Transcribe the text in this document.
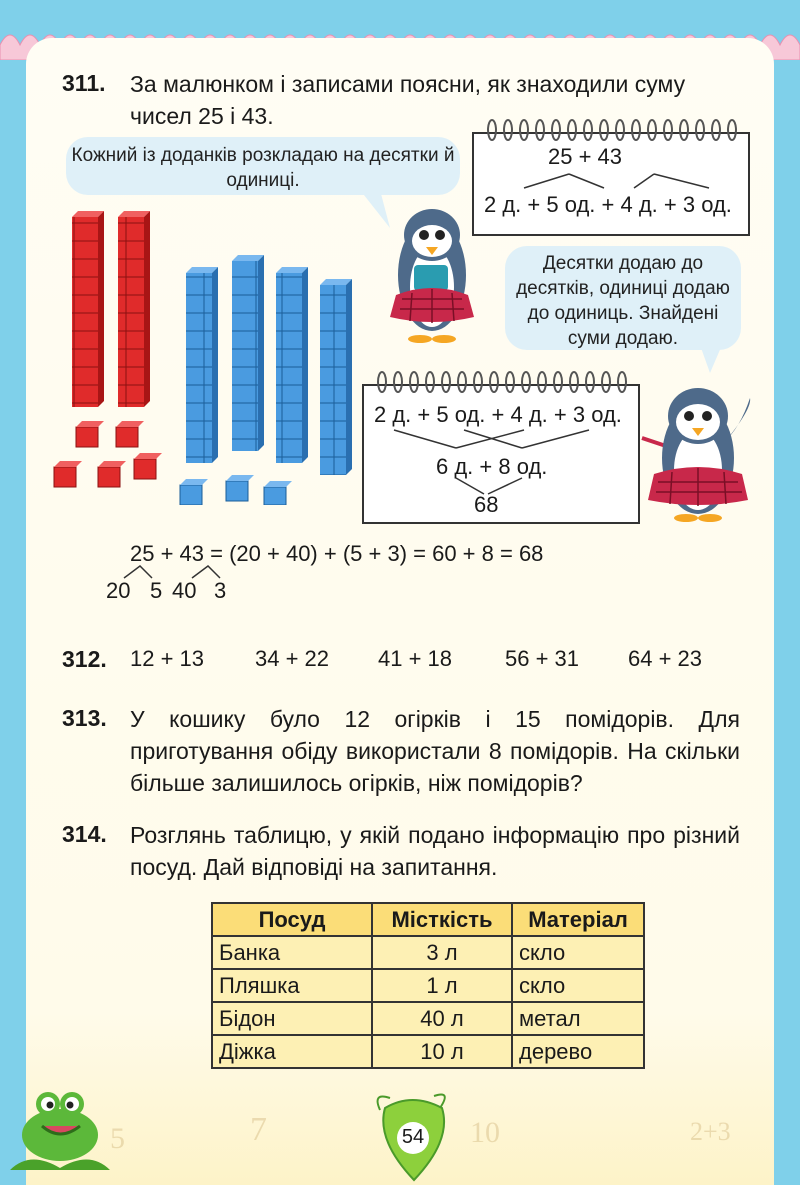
311. За малюнком і записами поясни, як знаходили суму чисел 25 і 43.
Кожний із доданків розкладаю на десятки й одиниці.
25 + 43
2 д. + 5 од. + 4 д. + 3 од.
Десятки додаю до десятків, одиниці додаю до одиниць. Знайдені суми додаю.
2 д. + 5 од. + 4 д. + 3 од.
6 д. + 8 од.
68
25 + 43 = (20 + 40) + (5 + 3) = 60 + 8 = 68
20 5 40 3
312. 12 + 13 34 + 22 41 + 18 56 + 31 64 + 23
313. У кошику було 12 огірків і 15 помідорів. Для приготування обіду використали 8 помідорів. На скільки більше залишилось огірків, ніж помідорів?
314. Розглянь таблицю, у якій подано інформацію про різний посуд. Дай відповіді на запитання.
Посуд	Місткість	Матеріал
Банка	3 л	скло
Пляшка	1 л	скло
Бідон	40 л	метал
Діжка	10 л	дерево
5	7	10	2+3
54
